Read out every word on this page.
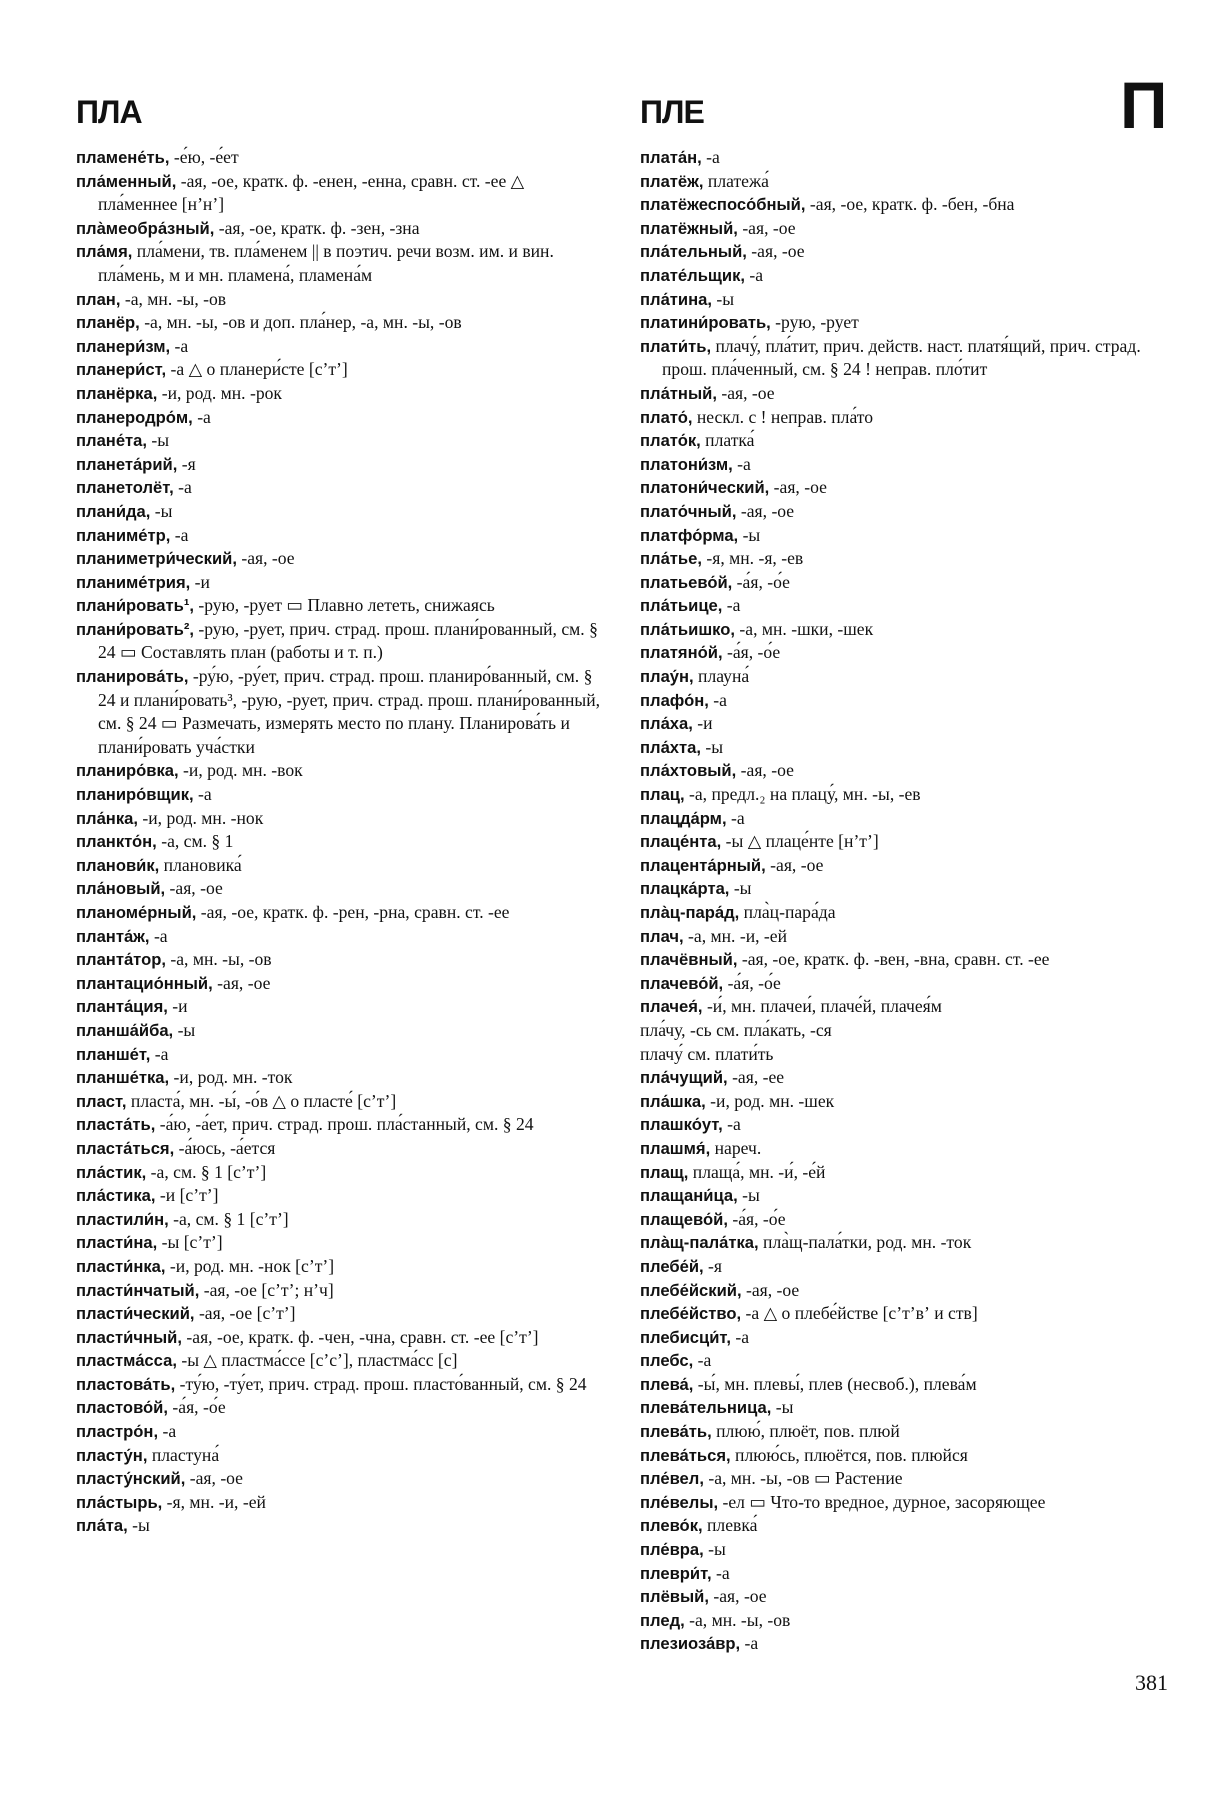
ПЛА	ПЛЕ	П
пламене́ть, -е́ю, -е́ет
пла́менный, -ая, -ое, кратк. ф. -енен, -енна, сравн. ст. -ее △ пла́меннее [нʼнʼ]
пла̀меобра́зный, -ая, -ое, кратк. ф. -зен, -зна
пла́мя, пла́мени, тв. пла́менем || в поэтич. речи возм. им. и вин. пла́мень, м и мн. пламена́, пламена́м
план, -а, мн. -ы, -ов
планёр, -а, мн. -ы, -ов и доп. пла́нер, -а, мн. -ы, -ов
планери́зм, -а
планери́ст, -а △ о планери́сте [сʼтʼ]
планёрка, -и, род. мн. -рок
планеродро́м, -а
плане́та, -ы
планета́рий, -я
планетолёт, -а
плани́да, -ы
планиме́тр, -а
планиметри́ческий, -ая, -ое
планиме́трия, -и
плани́ровать¹, -рую, -рует ▭ Плавно лететь, снижаясь
плани́ровать², -рую, -рует, прич. страд. прош. плани́рованный, см. § 24 ▭ Составлять план (работы и т. п.)
планирова́ть, -ру́ю, -ру́ет, прич. страд. прош. планиро́ванный, см. § 24 и плани́ровать³, -рую, -рует, прич. страд. прош. плани́рованный, см. § 24 ▭ Размечать, измерять место по плану. Планирова́ть и плани́ровать уча́стки
планиро́вка, -и, род. мн. -вок
планиро́вщик, -а
пла́нка, -и, род. мн. -нок
планкто́н, -а, см. § 1
планови́к, плановика́
пла́новый, -ая, -ое
планоме́рный, -ая, -ое, кратк. ф. -рен, -рна, сравн. ст. -ее
планта́ж, -а
планта́тор, -а, мн. -ы, -ов
плантацио́нный, -ая, -ое
планта́ция, -и
планша́йба, -ы
планше́т, -а
планше́тка, -и, род. мн. -ток
пласт, пласта́, мн. -ы́, -о́в △ о пласте́ [сʼтʼ]
пласта́ть, -а́ю, -а́ет, прич. страд. прош. пла́станный, см. § 24
пласта́ться, -а́юсь, -а́ется
пла́стик, -а, см. § 1 [сʼтʼ]
пла́стика, -и [сʼтʼ]
пластили́н, -а, см. § 1 [сʼтʼ]
пласти́на, -ы [сʼтʼ]
пласти́нка, -и, род. мн. -нок [сʼтʼ]
пласти́нчатый, -ая, -ое [сʼтʼ; нʼч]
пласти́ческий, -ая, -ое [сʼтʼ]
пласти́чный, -ая, -ое, кратк. ф. -чен, -чна, сравн. ст. -ее [сʼтʼ]
пластма́сса, -ы △ пластма́ссе [сʼсʼ], пластма́сс [с]
пластова́ть, -ту́ю, -ту́ет, прич. страд. прош. пласто́ванный, см. § 24
пластово́й, -а́я, -о́е
пластро́н, -а
пласту́н, пластуна́
пласту́нский, -ая, -ое
пла́стырь, -я, мн. -и, -ей
пла́та, -ы
плата́н, -а
платёж, платежа́
платёжеспосо́бный, -ая, -ое, кратк. ф. -бен, -бна
платёжный, -ая, -ое
пла́тельный, -ая, -ое
плате́льщик, -а
пла́тина, -ы
платини́ровать, -рую, -рует
плати́ть, плачу́, пла́тит, прич. действ. наст. платя́щий, прич. страд. прош. пла́ченный, см. § 24 ! неправ. пло́тит
пла́тный, -ая, -ое
плато́, нескл. с ! неправ. пла́то
плато́к, платка́
платони́зм, -а
платони́ческий, -ая, -ое
плато́чный, -ая, -ое
платфо́рма, -ы
пла́тье, -я, мн. -я, -ев
платьево́й, -а́я, -о́е
пла́тьице, -а
пла́тьишко, -а, мн. -шки, -шек
платяно́й, -а́я, -о́е
плау́н, плауна́
плафо́н, -а
пла́ха, -и
пла́хта, -ы
пла́хтовый, -ая, -ое
плац, -а, предл.₂ на плацу́, мн. -ы, -ев
плацда́рм, -а
плаце́нта, -ы △ плаце́нте [нʼтʼ]
плацента́рный, -ая, -ое
плацка́рта, -ы
пла̀ц-пара́д, пла̀ц-пара́да
плач, -а, мн. -и, -ей
плачёвный, -ая, -ое, кратк. ф. -вен, -вна, сравн. ст. -ее
плачево́й, -а́я, -о́е
плачея́, -и́, мн. плачеи́, плаче́й, плачея́м
пла́чу, -сь см. пла́кать, -ся
плачу́ см. плати́ть
пла́чущий, -ая, -ее
пла́шка, -и, род. мн. -шек
плашко́ут, -а
плашмя́, нареч.
плащ, плаща́, мн. -и́, -е́й
плащани́ца, -ы
плащево́й, -а́я, -о́е
пла̀щ-пала́тка, пла̀щ-пала́тки, род. мн. -ток
плебе́й, -я
плебе́йский, -ая, -ое
плебе́йство, -а △ о плебе́йстве [сʼтʼвʼ и ств]
плебисци́т, -а
плебс, -а
плева́, -ы́, мн. плевы́, плев (несвоб.), плева́м
плева́тельница, -ы
плева́ть, плюю́, плюёт, пов. плюй
плева́ться, плюю́сь, плюётся, пов. плюйся
пле́вел, -а, мн. -ы, -ов ▭ Растение
пле́велы, -ел ▭ Что-то вредное, дурное, засоряющее
плево́к, плевка́
пле́вра, -ы
плеври́т, -а
плёвый, -ая, -ое
плед, -а, мн. -ы, -ов
плезиоза́вр, -а
381
